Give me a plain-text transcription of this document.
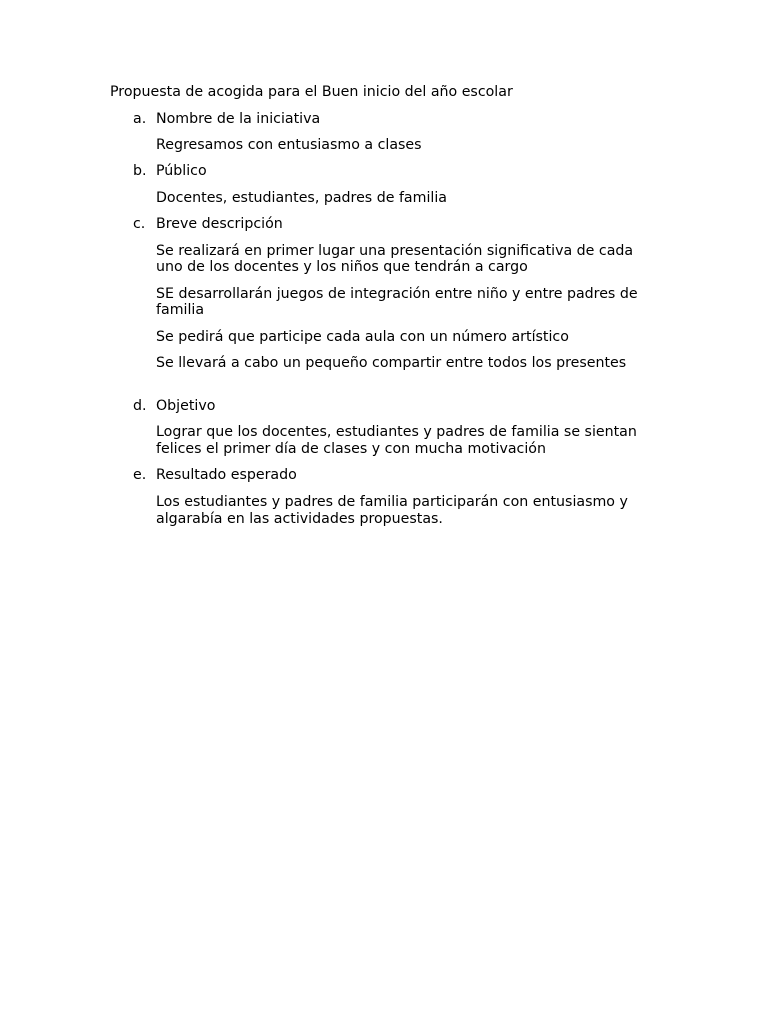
Propuesta de acogida para el Buen inicio del año escolar

a. Nombre de la iniciativa
Regresamos con entusiasmo a clases
b. Público
Docentes, estudiantes, padres de familia
c. Breve descripción
Se realizará en primer lugar una presentación significativa de cada uno de los docentes y los niños que tendrán a cargo
SE desarrollarán juegos de integración entre niño y entre padres de familia
Se pedirá que participe cada aula con un número artístico
Se llevará a cabo un pequeño compartir entre todos los presentes
d. Objetivo
Lograr que los docentes, estudiantes y padres de familia se sientan felices el primer día de clases y con mucha motivación
e. Resultado esperado
Los estudiantes y padres de familia participarán con entusiasmo y algarabía en las actividades propuestas.
